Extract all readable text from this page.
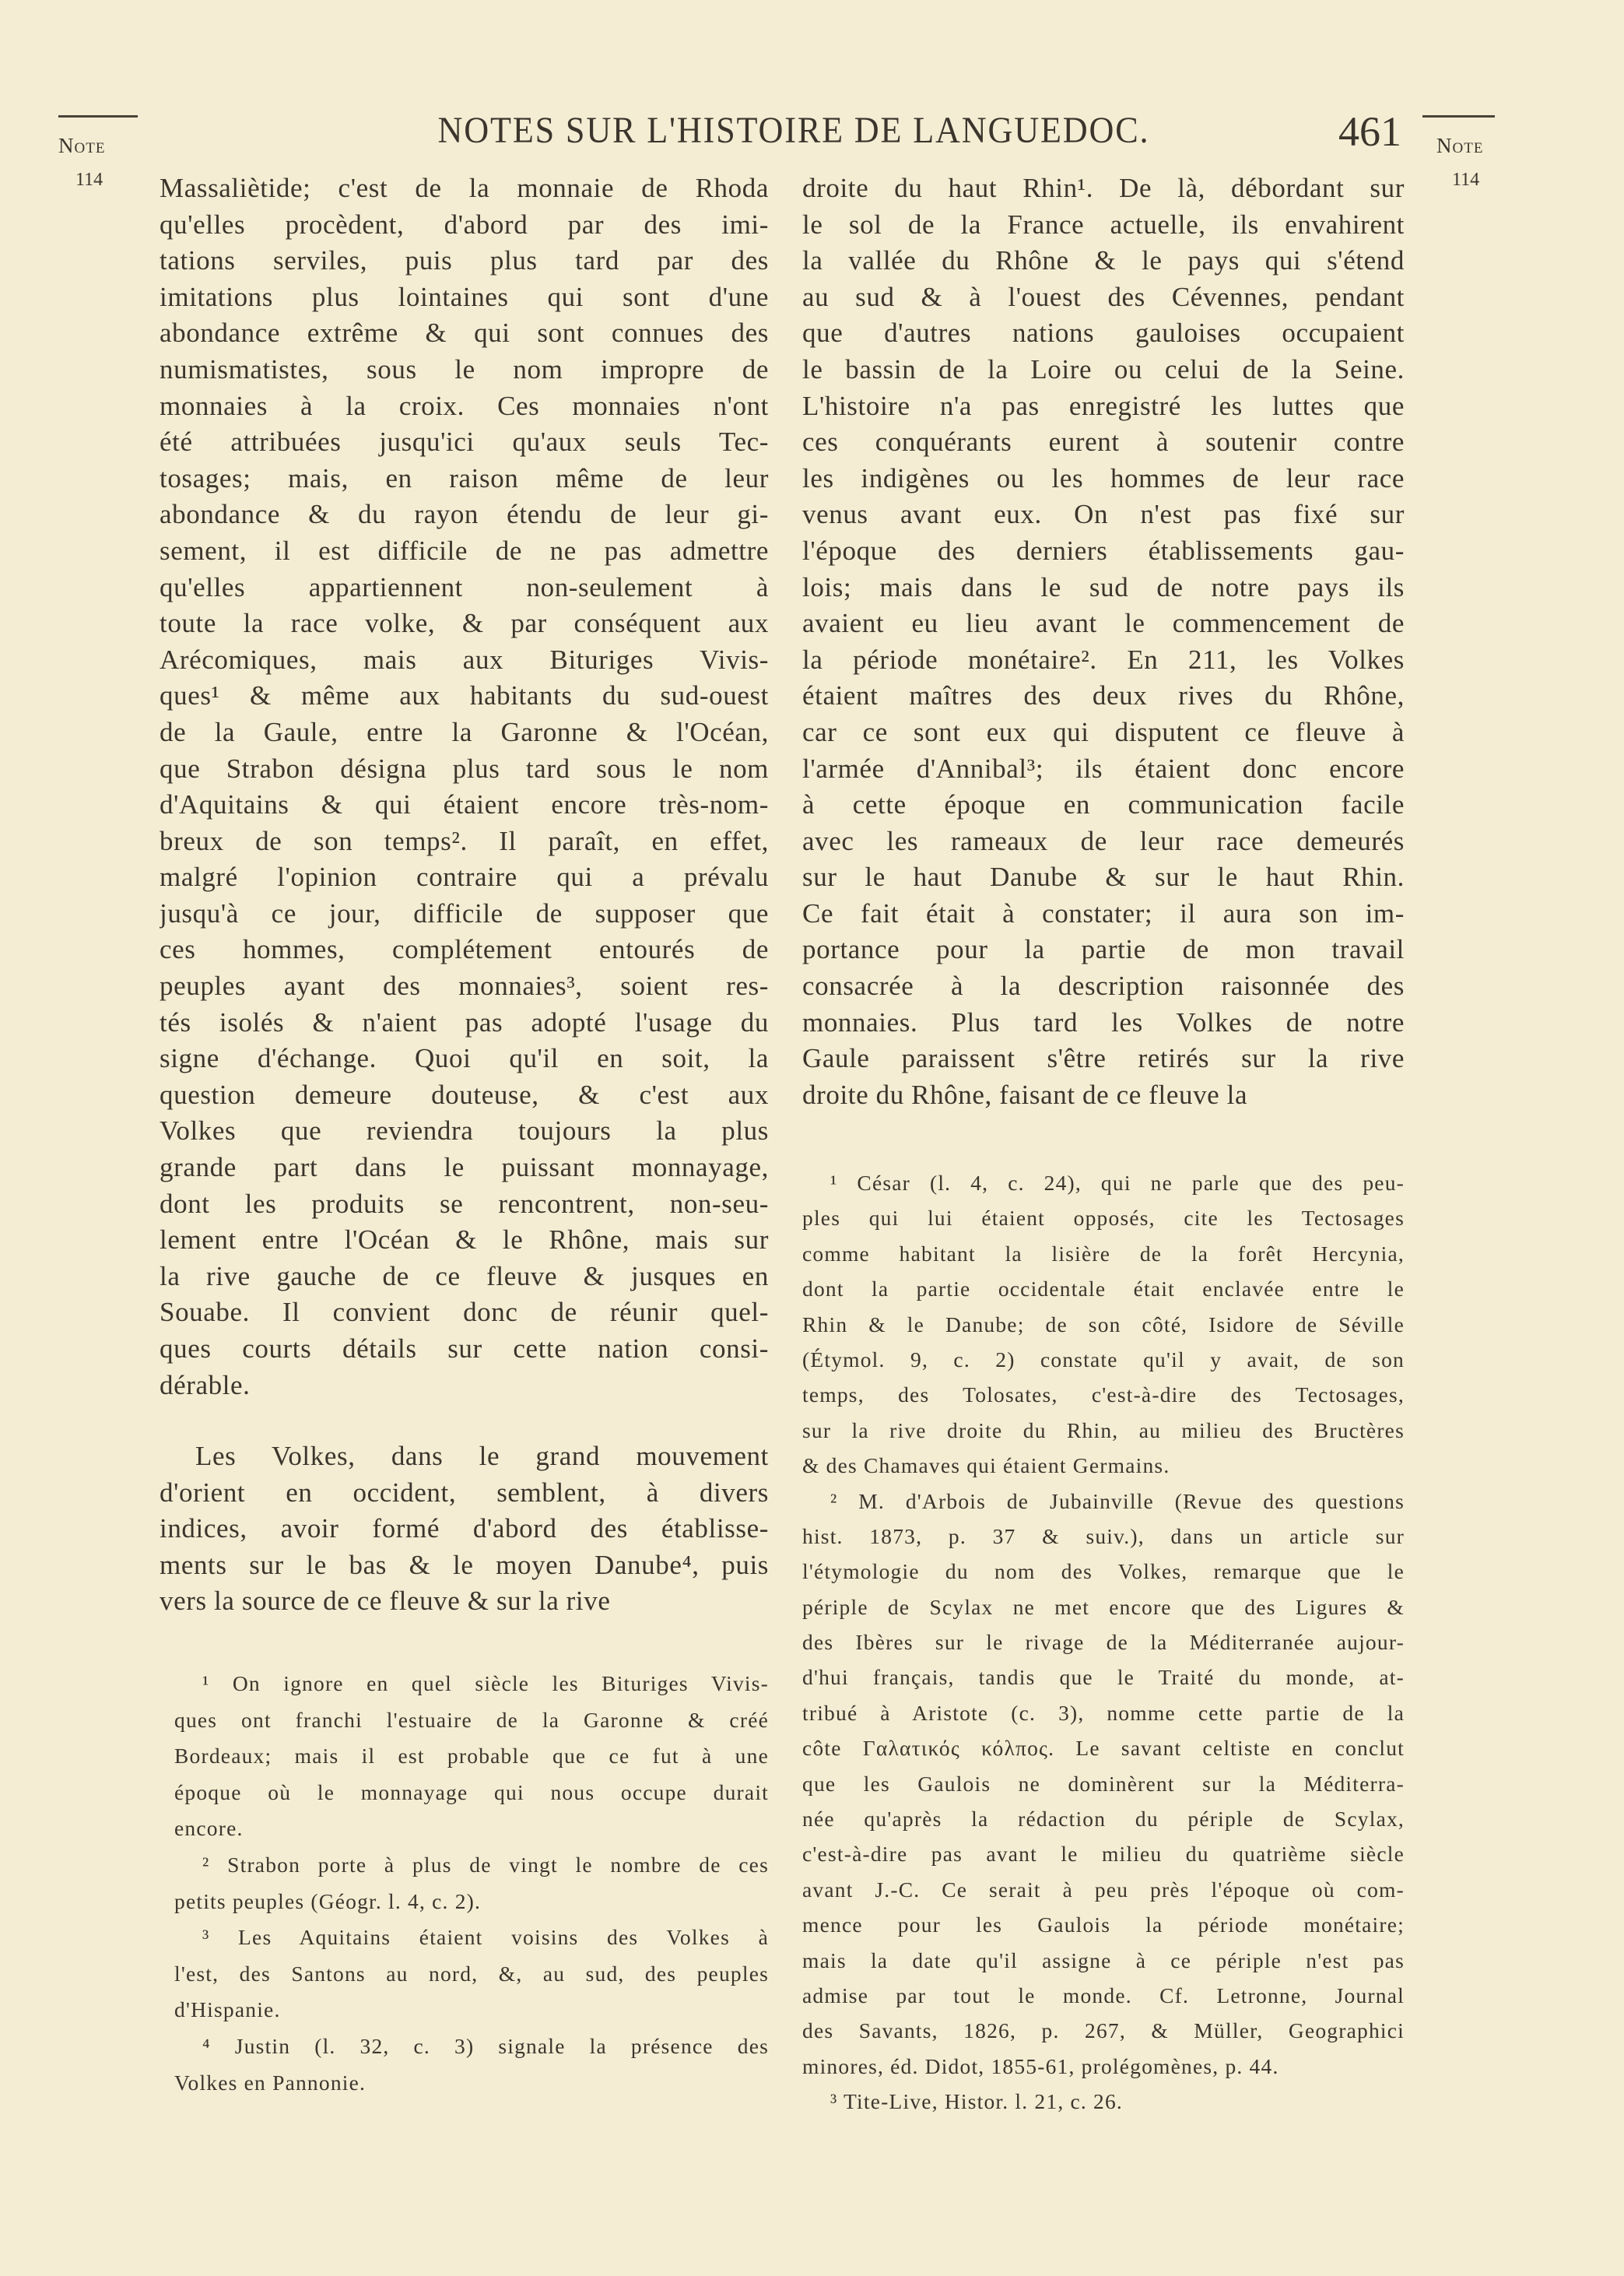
NOTES SUR L'HISTOIRE DE LANGUEDOC.	461
Note
114
Note
114
Massaliètide; c'est de la monnaie de Rhoda
qu'elles procèdent, d'abord par des imi-
tations serviles, puis plus tard par des
imitations plus lointaines qui sont d'une
abondance extrême & qui sont connues des
numismatistes, sous le nom impropre de
monnaies à la croix. Ces monnaies n'ont
été attribuées jusqu'ici qu'aux seuls Tec-
tosages; mais, en raison même de leur
abondance & du rayon étendu de leur gi-
sement, il est difficile de ne pas admettre
qu'elles appartiennent non-seulement à
toute la race volke, & par conséquent aux
Arécomiques, mais aux Bituriges Vivis-
ques¹ & même aux habitants du sud-ouest
de la Gaule, entre la Garonne & l'Océan,
que Strabon désigna plus tard sous le nom
d'Aquitains & qui étaient encore très-nom-
breux de son temps². Il paraît, en effet,
malgré l'opinion contraire qui a prévalu
jusqu'à ce jour, difficile de supposer que
ces hommes, complétement entourés de
peuples ayant des monnaies³, soient res-
tés isolés & n'aient pas adopté l'usage du
signe d'échange. Quoi qu'il en soit, la
question demeure douteuse, & c'est aux
Volkes que reviendra toujours la plus
grande part dans le puissant monnayage,
dont les produits se rencontrent, non-seu-
lement entre l'Océan & le Rhône, mais sur
la rive gauche de ce fleuve & jusques en
Souabe. Il convient donc de réunir quel-
ques courts détails sur cette nation consi-
dérable.
Les Volkes, dans le grand mouvement
d'orient en occident, semblent, à divers
indices, avoir formé d'abord des établisse-
ments sur le bas & le moyen Danube⁴, puis
vers la source de ce fleuve & sur la rive
¹ On ignore en quel siècle les Bituriges Vivis-
ques ont franchi l'estuaire de la Garonne & créé
Bordeaux; mais il est probable que ce fut à une
époque où le monnayage qui nous occupe durait
encore.
² Strabon porte à plus de vingt le nombre de ces
petits peuples (Géogr. l. 4, c. 2).
³ Les Aquitains étaient voisins des Volkes à
l'est, des Santons au nord, &, au sud, des peuples
d'Hispanie.
⁴ Justin (l. 32, c. 3) signale la présence des
Volkes en Pannonie.
droite du haut Rhin¹. De là, débordant sur
le sol de la France actuelle, ils envahirent
la vallée du Rhône & le pays qui s'étend
au sud & à l'ouest des Cévennes, pendant
que d'autres nations gauloises occupaient
le bassin de la Loire ou celui de la Seine.
L'histoire n'a pas enregistré les luttes que
ces conquérants eurent à soutenir contre
les indigènes ou les hommes de leur race
venus avant eux. On n'est pas fixé sur
l'époque des derniers établissements gau-
lois; mais dans le sud de notre pays ils
avaient eu lieu avant le commencement de
la période monétaire². En 211, les Volkes
étaient maîtres des deux rives du Rhône,
car ce sont eux qui disputent ce fleuve à
l'armée d'Annibal³; ils étaient donc encore
à cette époque en communication facile
avec les rameaux de leur race demeurés
sur le haut Danube & sur le haut Rhin.
Ce fait était à constater; il aura son im-
portance pour la partie de mon travail
consacrée à la description raisonnée des
monnaies. Plus tard les Volkes de notre
Gaule paraissent s'être retirés sur la rive
droite du Rhône, faisant de ce fleuve la
¹ César (l. 4, c. 24), qui ne parle que des peu-
ples qui lui étaient opposés, cite les Tectosages
comme habitant la lisière de la forêt Hercynia,
dont la partie occidentale était enclavée entre le
Rhin & le Danube; de son côté, Isidore de Séville
(Étymol. 9, c. 2) constate qu'il y avait, de son
temps, des Tolosates, c'est-à-dire des Tectosages,
sur la rive droite du Rhin, au milieu des Bructères
& des Chamaves qui étaient Germains.
² M. d'Arbois de Jubainville (Revue des questions
hist. 1873, p. 37 & suiv.), dans un article sur
l'étymologie du nom des Volkes, remarque que le
périple de Scylax ne met encore que des Ligures &
des Ibères sur le rivage de la Méditerranée aujour-
d'hui français, tandis que le Traité du monde, at-
tribué à Aristote (c. 3), nomme cette partie de la
côte Γαλατικός κόλπος. Le savant celtiste en conclut
que les Gaulois ne dominèrent sur la Méditerra-
née qu'après la rédaction du périple de Scylax,
c'est-à-dire pas avant le milieu du quatrième siècle
avant J.-C. Ce serait à peu près l'époque où com-
mence pour les Gaulois la période monétaire;
mais la date qu'il assigne à ce périple n'est pas
admise par tout le monde. Cf. Letronne, Journal
des Savants, 1826, p. 267, & Müller, Geographici
minores, éd. Didot, 1855-61, prolégomènes, p. 44.
³ Tite-Live, Histor. l. 21, c. 26.
